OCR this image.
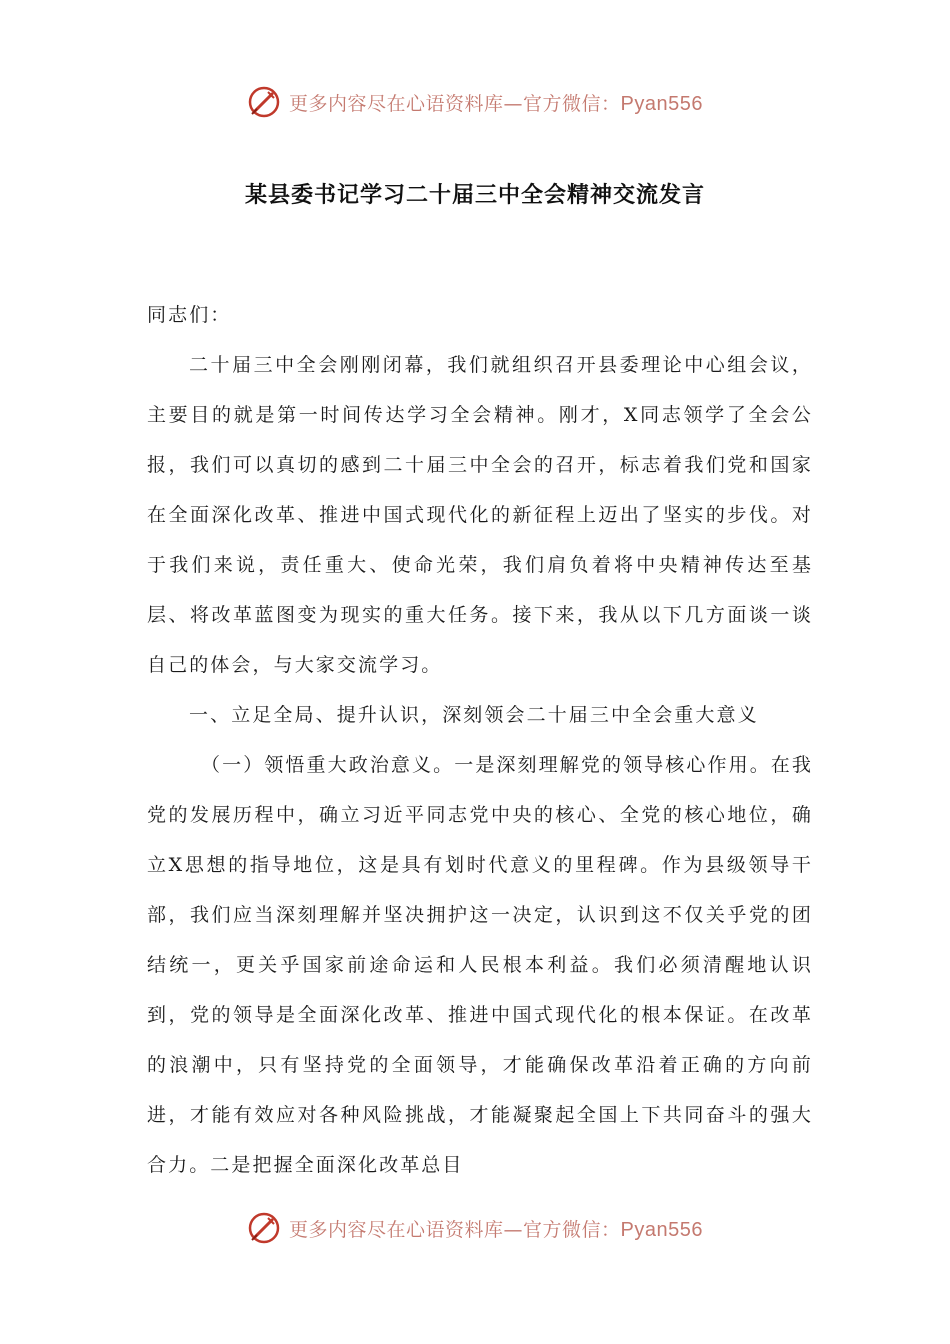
更多内容尽在心语资料库—官方微信：Pyan556
某县委书记学习二十届三中全会精神交流发言

同志们：

二十届三中全会刚刚闭幕，我们就组织召开县委理论中心组会议，主要目的就是第一时间传达学习全会精神。刚才，X同志领学了全会公报，我们可以真切的感到二十届三中全会的召开，标志着我们党和国家在全面深化改革、推进中国式现代化的新征程上迈出了坚实的步伐。对于我们来说，责任重大、使命光荣，我们肩负着将中央精神传达至基层、将改革蓝图变为现实的重大任务。接下来，我从以下几方面谈一谈自己的体会，与大家交流学习。

一、立足全局、提升认识，深刻领会二十届三中全会重大意义

（一）领悟重大政治意义。一是深刻理解党的领导核心作用。在我党的发展历程中，确立习近平同志党中央的核心、全党的核心地位，确立X思想的指导地位，这是具有划时代意义的里程碑。作为县级领导干部，我们应当深刻理解并坚决拥护这一决定，认识到这不仅关乎党的团结统一，更关乎国家前途命运和人民根本利益。我们必须清醒地认识到，党的领导是全面深化改革、推进中国式现代化的根本保证。在改革的浪潮中，只有坚持党的全面领导，才能确保改革沿着正确的方向前进，才能有效应对各种风险挑战，才能凝聚起全国上下共同奋斗的强大合力。二是把握全面深化改革总目

更多内容尽在心语资料库—官方微信：Pyan556
